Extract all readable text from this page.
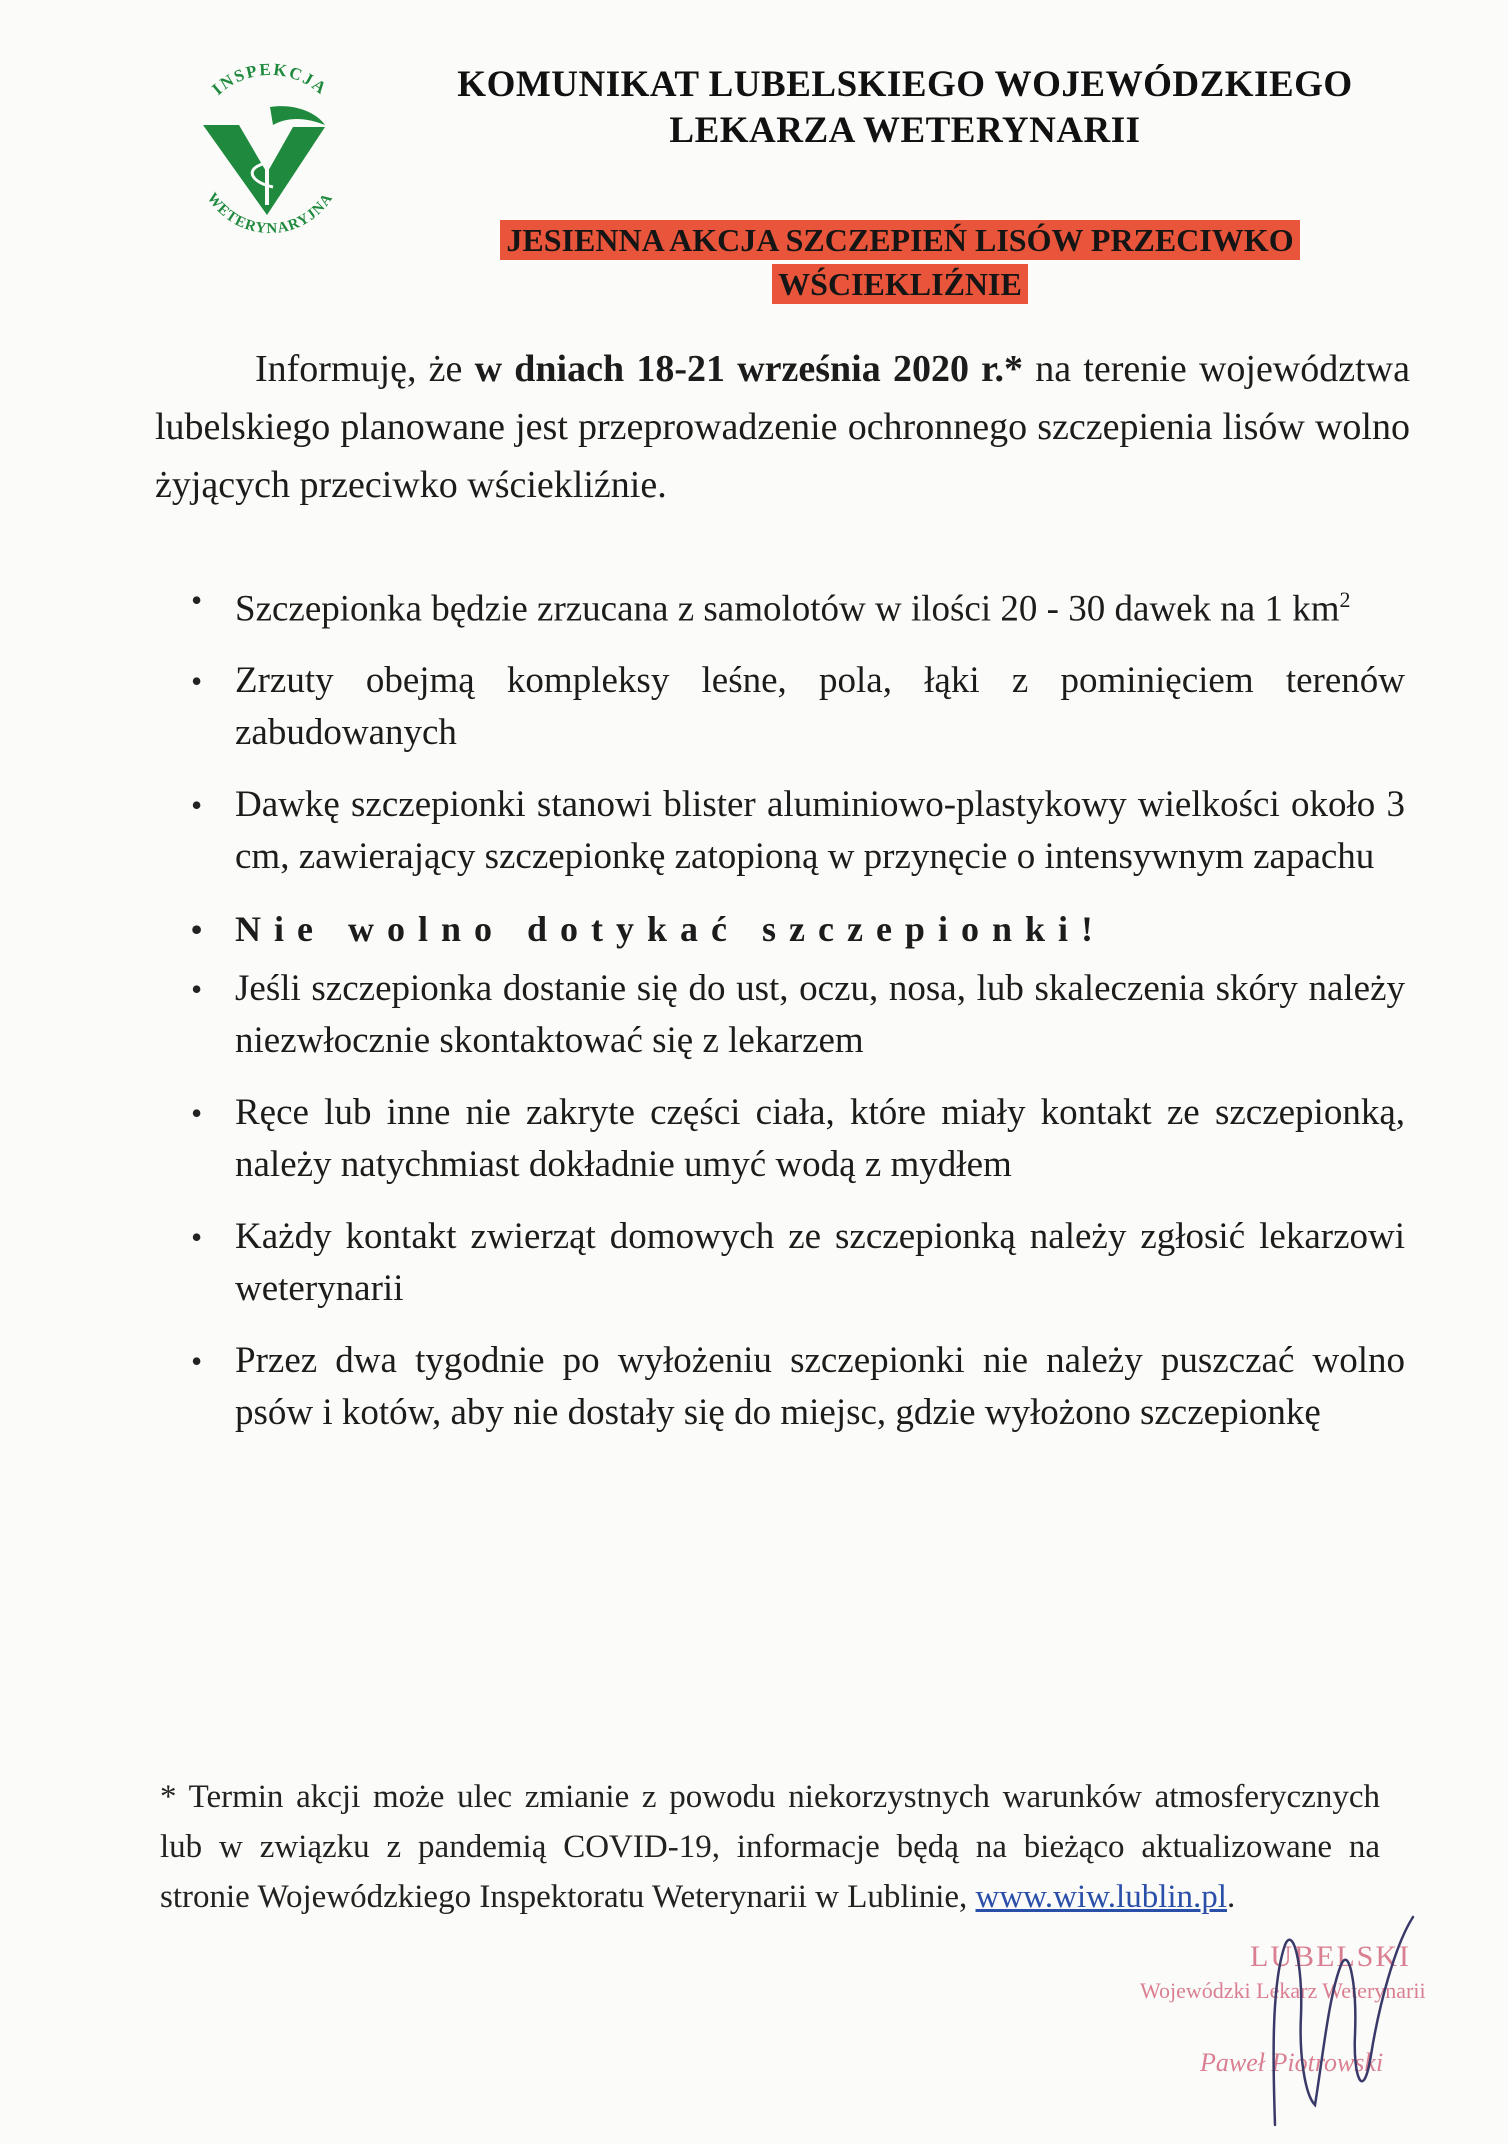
INSPEKCJA
WETERYNARYJNA
KOMUNIKAT LUBELSKIEGO WOJEWÓDZKIEGO
LEKARZA WETERYNARII
JESIENNA AKCJA SZCZEPIEŃ LISÓW PRZECIWKO WŚCIEKLIŹNIE

Informuję, że w dniach 18-21 września 2020 r.* na terenie województwa lubelskiego planowane jest przeprowadzenie ochronnego szczepienia lisów wolno żyjących przeciwko wściekliźnie.

• Szczepionka będzie zrzucana z samolotów w ilości 20 - 30 dawek na 1 $km^2$
• Zrzuty obejmą kompleksy leśne, pola, łąki z pominięciem terenów zabudowanych
• Dawkę szczepionki stanowi blister aluminiowo-plastykowy wielkości około 3 cm, zawierający szczepionkę zatopioną w przynęcie o intensywnym zapachu
• Nie wolno dotykać szczepionki!
• Jeśli szczepionka dostanie się do ust, oczu, nosa, lub skaleczenia skóry należy niezwłocznie skontaktować się z lekarzem
• Ręce lub inne nie zakryte części ciała, które miały kontakt ze szczepionką, należy natychmiast dokładnie umyć wodą z mydłem
• Każdy kontakt zwierząt domowych ze szczepionką należy zgłosić lekarzowi weterynarii
• Przez dwa tygodnie po wyłożeniu szczepionki nie należy puszczać wolno psów i kotów, aby nie dostały się do miejsc, gdzie wyłożono szczepionkę

* Termin akcji może ulec zmianie z powodu niekorzystnych warunków atmosferycznych lub w związku z pandemią COVID-19, informacje będą na bieżąco aktualizowane na stronie Wojewódzkiego Inspektoratu Weterynarii w Lublinie, www.wiw.lublin.pl.

LUBELSKI
Wojewódzki Lekarz Weterynarii
Paweł Piotrowski
